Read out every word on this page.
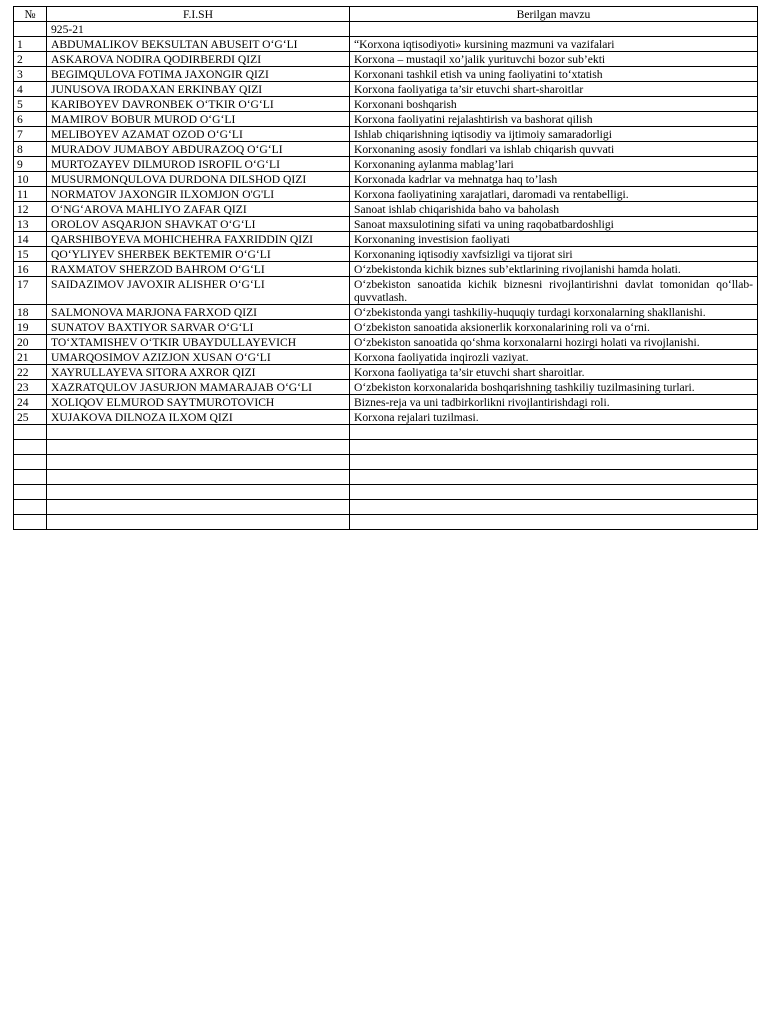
№	F.I.SH	Berilgan mavzu
	925-21	
1	ABDUMALIKOV BEKSULTAN ABUSEIT O‘G‘LI	“Korxona iqtisodiyoti» kursining mazmuni va vazifalari
2	ASKAROVA NODIRA QODIRBERDI QIZI	Korxona – mustaqil xo’jalik yurituvchi bozor sub’ekti
3	BEGIMQULOVA FOTIMA JAXONGIR QIZI	Korxonani tashkil etish va uning faoliyatini to‘xtatish
4	JUNUSOVA IRODAXAN ERKINBAY QIZI	Korxona faoliyatiga ta’sir etuvchi shart-sharoitlar
5	KARIBOYEV DAVRONBEK O‘TKIR O‘G‘LI	Korxonani boshqarish
6	MAMIROV BOBUR MUROD O‘G‘LI	Korxona faoliyatini rejalashtirish va bashorat qilish
7	MELIBOYEV AZAMAT OZOD O‘G‘LI	Ishlab chiqarishning iqtisodiy va ijtimoiy samaradorligi
8	MURADOV JUMABOY ABDURAZOQ O‘G‘LI	Korxonaning asosiy fondlari va ishlab chiqarish quvvati
9	MURTOZAYEV DILMUROD ISROFIL O‘G‘LI	Korxonaning aylanma mablag’lari
10	MUSURMONQULOVA DURDONA DILSHOD QIZI	Korxonada kadrlar va mehnatga haq to’lash
11	NORMATOV JAXONGIR ILXOMJON O'G'LI	Korxona faoliyatining xarajatlari, daromadi va rentabelligi.
12	O‘NG‘AROVA MAHLIYO ZAFAR QIZI	Sanoat ishlab chiqarishida baho va baholash
13	OROLOV ASQARJON SHAVKAT O‘G‘LI	Sanoat maxsulotining sifati va uning raqobatbardoshligi
14	QARSHIBOYEVA MOHICHEHRA FAXRIDDIN QIZI	Korxonaning investision faoliyati
15	QO‘YLIYEV SHERBEK BEKTEMIR O‘G‘LI	Korxonaning iqtisodiy xavfsizligi va tijorat siri
16	RAXMATOV SHERZOD BAHROM O‘G‘LI	O‘zbekistonda kichik biznes sub’ektlarining rivojlanishi hamda holati.
17	SAIDAZIMOV JAVOXIR ALISHER O‘G‘LI	O‘zbekiston sanoatida kichik biznesni rivojlantirishni davlat tomonidan qo‘llab-quvvatlash.
18	SALMONOVA MARJONA FARXOD QIZI	O‘zbekistonda yangi tashkiliy-huquqiy turdagi korxonalarning shakllanishi.
19	SUNATOV BAXTIYOR SARVAR O‘G‘LI	O‘zbekiston sanoatida aksionerlik korxonalarining roli va o‘rni.
20	TO‘XTAMISHEV O‘TKIR UBAYDULLAYEVICH	O‘zbekiston sanoatida qo‘shma korxonalarni hozirgi holati va rivojlanishi.
21	UMARQOSIMOV AZIZJON XUSAN O‘G‘LI	Korxona faoliyatida inqirozli vaziyat.
22	XAYRULLAYEVA SITORA AXROR QIZI	Korxona faoliyatiga ta’sir etuvchi shart sharoitlar.
23	XAZRATQULOV JASURJON MAMARAJAB O‘G‘LI	O‘zbekiston korxonalarida boshqarishning tashkiliy tuzilmasining turlari.
24	XOLIQOV ELMUROD SAYTMUROTOVICH	Biznes-reja va uni tadbirkorlikni rivojlantirishdagi roli.
25	XUJAKOVA DILNOZA ILXOM QIZI	Korxona rejalari tuzilmasi.
